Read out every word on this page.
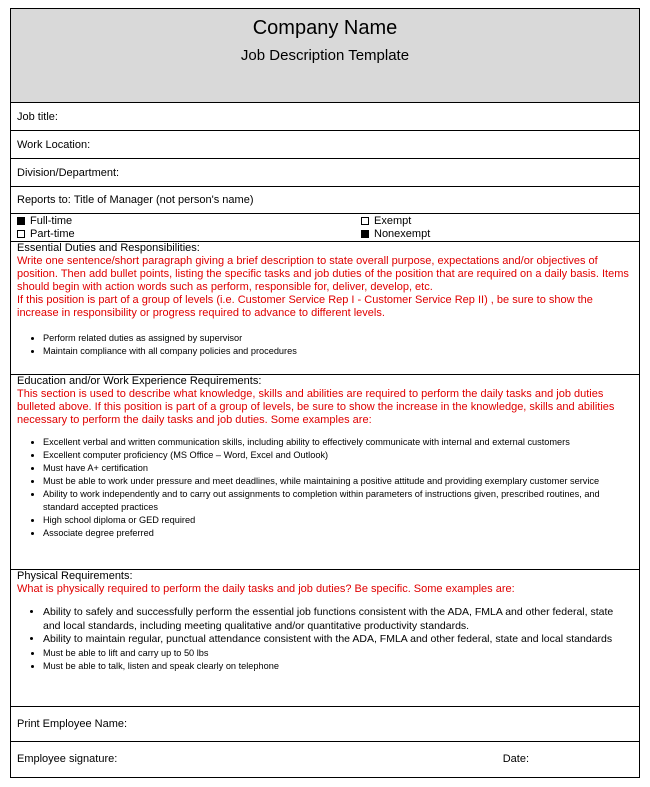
Company Name
Job Description Template
Job title:
Work Location:
Division/Department:
Reports to:
Title of Manager (not person's name)
Full-time
Part-time
Exempt
Nonexempt
Essential Duties and Responsibilities:
Write one sentence/short paragraph giving a brief description to state overall purpose, expectations and/or objectives of position. Then add bullet points, listing the specific tasks and job duties of the position that are required on a daily basis. Items should begin with action words such as perform, responsible for, deliver, develop, etc.
If this position is part of a group of levels (i.e. Customer Service Rep I - Customer Service Rep II) , be sure to show the increase in responsibility or progress required to advance to different levels.
• Perform related duties as assigned by supervisor
• Maintain compliance with all company policies and procedures
Education and/or Work Experience Requirements:
This section is used to describe what knowledge, skills and abilities are required to perform the daily tasks and job duties bulleted above. If this position is part of a group of levels, be sure to show the increase in the knowledge, skills and abilities necessary to perform the daily tasks and job duties. Some examples are:
• Excellent verbal and written communication skills, including ability to effectively communicate with internal and external customers
• Excellent computer proficiency (MS Office – Word, Excel and Outlook)
• Must have A+ certification
• Must be able to work under pressure and meet deadlines, while maintaining a positive attitude and providing exemplary customer service
• Ability to work independently and to carry out assignments to completion within parameters of instructions given, prescribed routines, and standard accepted practices
• High school diploma or GED required
• Associate degree preferred
Physical Requirements:
What is physically required to perform the daily tasks and job duties? Be specific. Some examples are:
• Ability to safely and successfully perform the essential job functions consistent with the ADA, FMLA and other federal, state and local standards, including meeting qualitative and/or quantitative productivity standards.
• Ability to maintain regular, punctual attendance consistent with the ADA, FMLA and other federal, state and local standards
• Must be able to lift and carry up to 50 lbs
• Must be able to talk, listen and speak clearly on telephone
Print Employee Name:
Employee signature:	Date:
